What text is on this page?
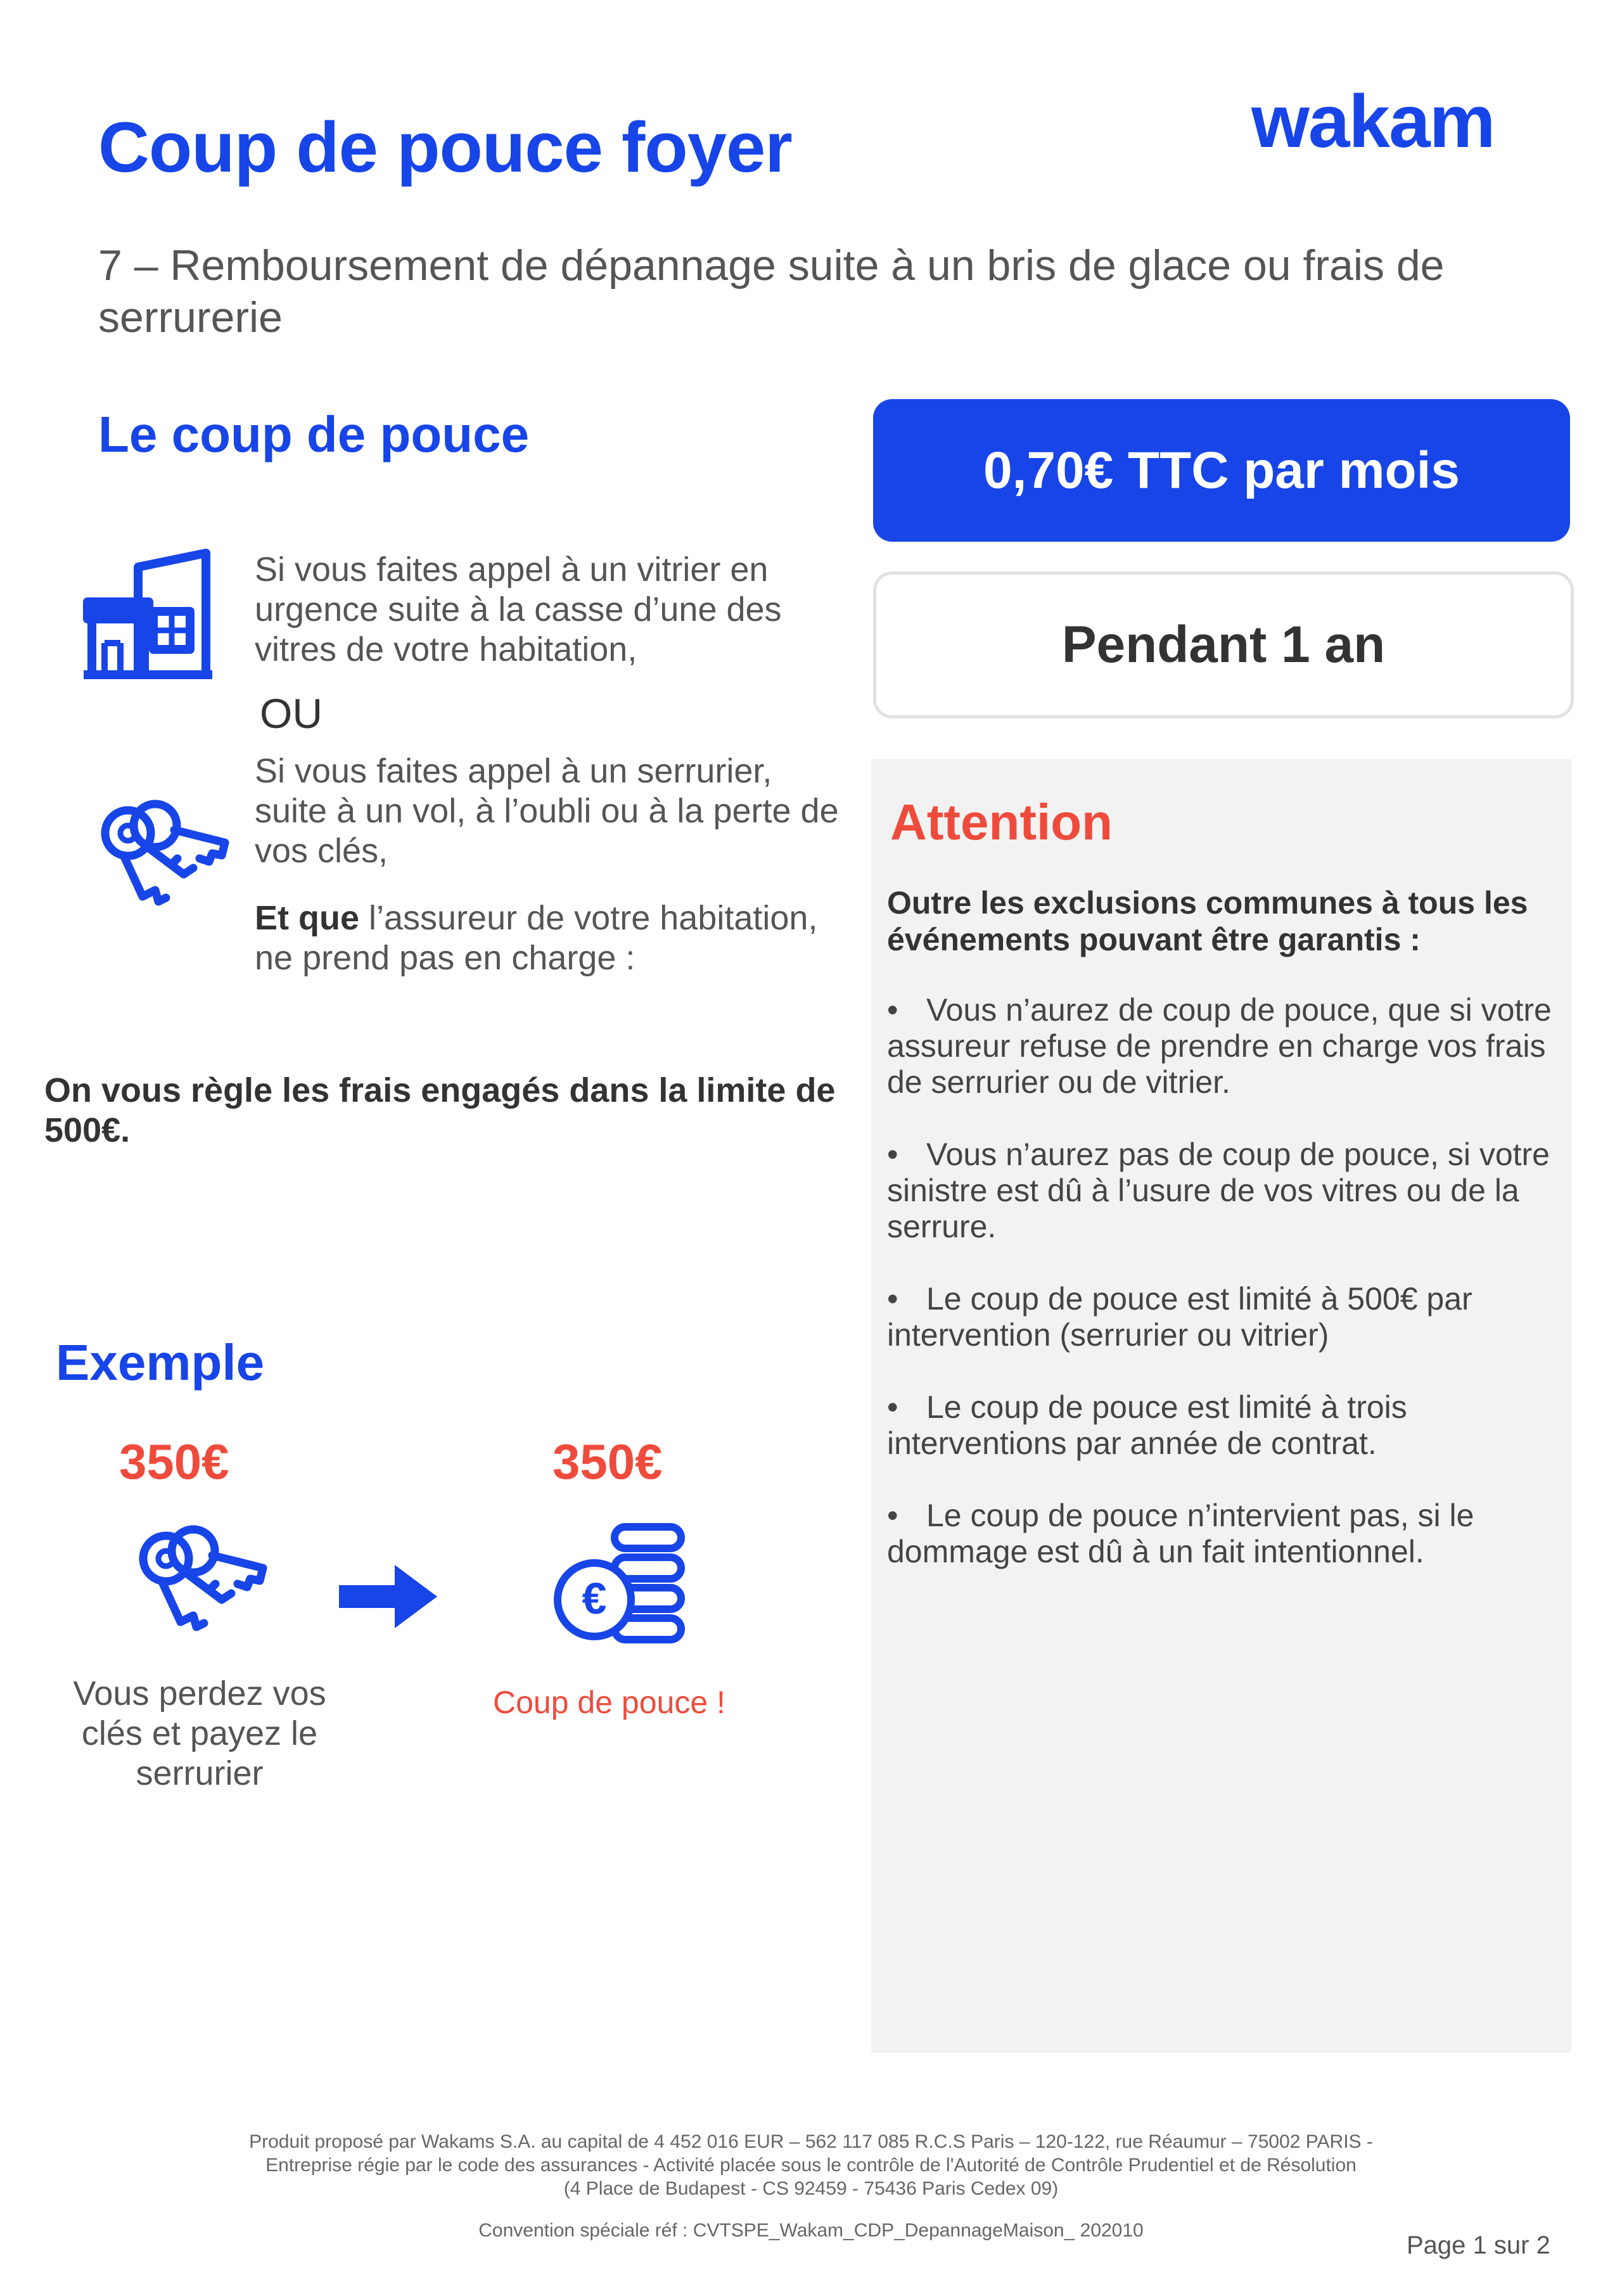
Coup de pouce foyer	wakam
7 – Remboursement de dépannage suite à un bris de glace ou frais de serrurerie
Le coup de pouce
Si vous faites appel à un vitrier en urgence suite à la casse d’une des vitres de votre habitation,
OU
Si vous faites appel à un serrurier, suite à un vol, à l’oubli ou à la perte de vos clés,
Et que l’assureur de votre habitation, ne prend pas en charge :
On vous règle les frais engagés dans la limite de 500€.
0,70€ TTC par mois
Pendant 1 an
Attention
Outre les exclusions communes à tous les événements pouvant être garantis :
• Vous n’aurez de coup de pouce, que si votre assureur refuse de prendre en charge vos frais de serrurier ou de vitrier.
• Vous n’aurez pas de coup de pouce, si votre sinistre est dû à l’usure de vos vitres ou de la serrure.
• Le coup de pouce est limité à 500€ par intervention (serrurier ou vitrier)
• Le coup de pouce est limité à trois interventions par année de contrat.
• Le coup de pouce n’intervient pas, si le dommage est dû à un fait intentionnel.
Exemple
350€	350€
€
Vous perdez vos clés et payez le serrurier
Coup de pouce !
Produit proposé par Wakams S.A. au capital de 4 452 016 EUR – 562 117 085 R.C.S Paris – 120-122, rue Réaumur – 75002 PARIS -
Entreprise régie par le code des assurances - Activité placée sous le contrôle de l'Autorité de Contrôle Prudentiel et de Résolution
(4 Place de Budapest - CS 92459 - 75436 Paris Cedex 09)
Convention spéciale réf : CVTSPE_Wakam_CDP_DepannageMaison_ 202010
Page 1 sur 2
